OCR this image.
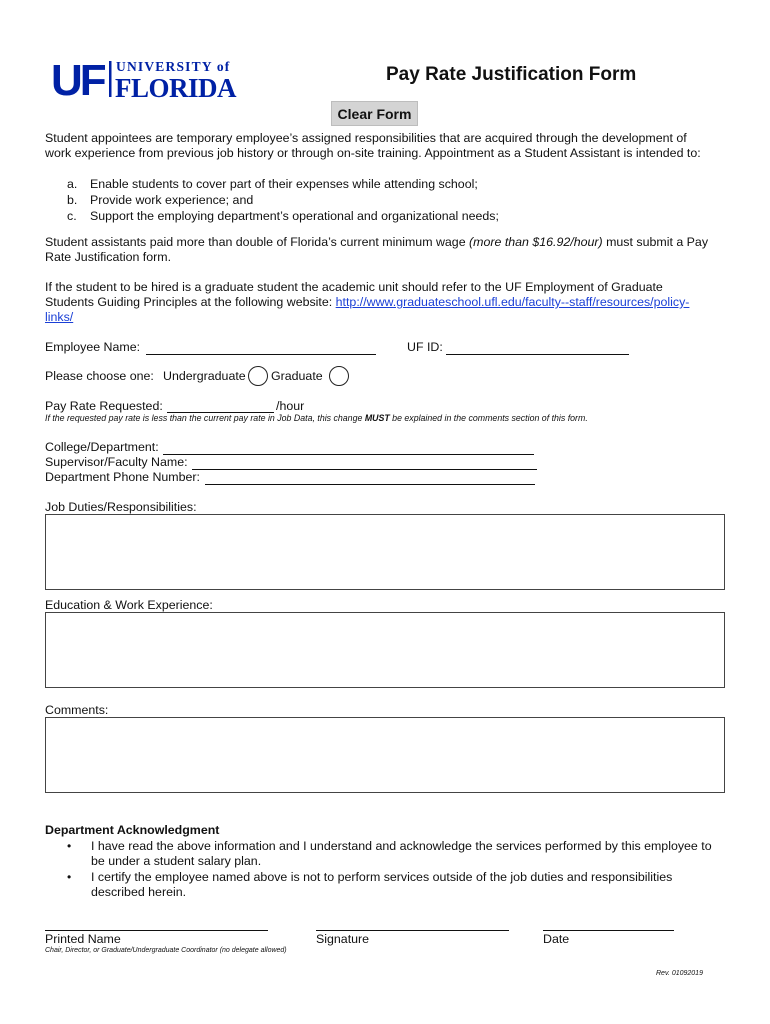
UF UNIVERSITY of
FLORIDA	Pay Rate Justification Form
Clear Form
Student appointees are temporary employee’s assigned responsibilities that are acquired through the development of
work experience from previous job history or through on-site training. Appointment as a Student Assistant is intended to:
a. Enable students to cover part of their expenses while attending school;
b. Provide work experience; and
c. Support the employing department’s operational and organizational needs;
Student assistants paid more than double of Florida’s current minimum wage (more than $16.92/hour) must submit a Pay
Rate Justification form.
If the student to be hired is a graduate student the academic unit should refer to the UF Employment of Graduate
Students Guiding Principles at the following website: http://www.graduateschool.ufl.edu/faculty--staff/resources/policy-
links/
Employee Name:	UF ID:
Please choose one: Undergraduate Graduate
Pay Rate Requested:	/hour
If the requested pay rate is less than the current pay rate in Job Data, this change MUST be explained in the comments section of this form.
College/Department:
Supervisor/Faculty Name:
Department Phone Number:
Job Duties/Responsibilities:
Education & Work Experience:
Comments:
Department Acknowledgment
• I have read the above information and I understand and acknowledge the services performed by this employee to
be under a student salary plan.
• I certify the employee named above is not to perform services outside of the job duties and responsibilities
described herein.
Printed Name	Signature	Date
Chair, Director, or Graduate/Undergraduate Coordinator (no delegate allowed)
Rev. 01092019
